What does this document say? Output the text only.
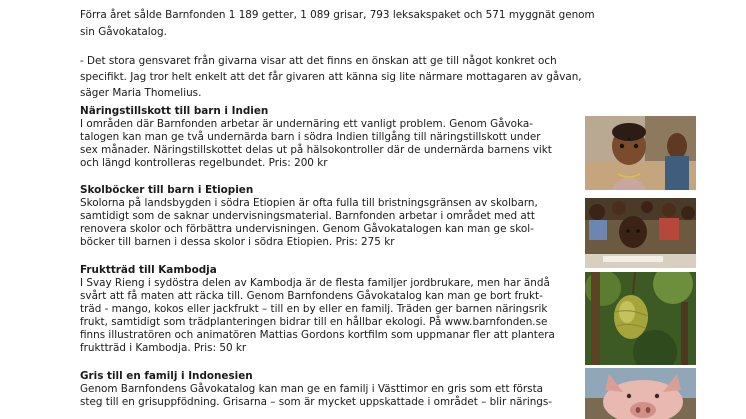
Förra året sålde Barnfonden 1 189 getter, 1 089 grisar, 793 leksakspaket och 571 myggnät genom
sin Gåvokatalog.
- Det stora gensvaret från givarna visar att det finns en önskan att ge till något konkret och
specifikt. Jag tror helt enkelt att det får givaren att känna sig lite närmare mottagaren av gåvan,
säger Maria Thomelius.
Näringstillskott till barn i Indien
I områden där Barnfonden arbetar är undernäring ett vanligt problem. Genom Gåvoka-
talogen kan man ge två undernärda barn i södra Indien tillgång till näringstillskott under
sex månader. Näringstillskottet delas ut på hälsokontroller där de undernärda barnens vikt
och längd kontrolleras regelbundet. Pris: 200 kr
Skolböcker till barn i Etiopien
Skolorna på landsbygden i södra Etiopien är ofta fulla till bristningsgränsen av skolbarn,
samtidigt som de saknar undervisningsmaterial. Barnfonden arbetar i området med att
renovera skolor och förbättra undervisningen. Genom Gåvokatalogen kan man ge skol-
böcker till barnen i dessa skolor i södra Etiopien. Pris: 275 kr
Fruktträd till Kambodja
I Svay Rieng i sydöstra delen av Kambodja är de flesta familjer jordbrukare, men har ändå
svårt att få maten att räcka till. Genom Barnfondens Gåvokatalog kan man ge bort frukt-
träd - mango, kokos eller jackfrukt – till en by eller en familj. Träden ger barnen näringsrik
frukt, samtidigt som trädplanteringen bidrar till en hållbar ekologi. På www.barnfonden.se
finns illustratören och animatören Mattias Gordons kortfilm som uppmanar fler att plantera
fruktträd i Kambodja. Pris: 50 kr
Gris till en familj i Indonesien
Genom Barnfondens Gåvokatalog kan man ge en familj i Västtimor en gris som ett första
steg till en grisuppfödning. Grisarna – som är mycket uppskattade i området – blir närings-
